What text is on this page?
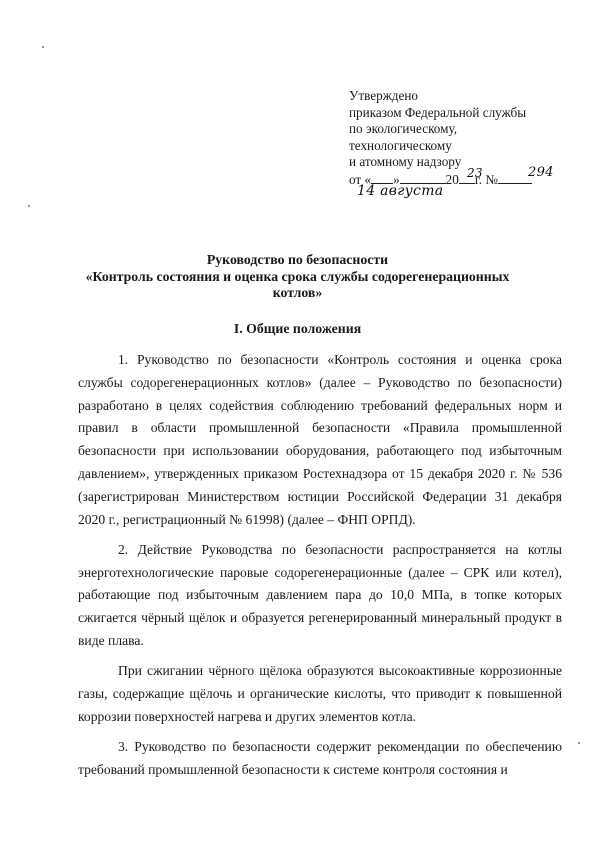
Утверждено
приказом Федеральной службы
по экологическому,
технологическому
и атомному надзору
от « »	20 г. №
23	294
14 августа
Руководство по безопасности
«Контроль состояния и оценка срока службы содорегенерационных
котлов»
I. Общие положения

1. Руководство по безопасности «Контроль состояния и оценка срока службы содорегенерационных котлов» (далее – Руководство по безопасности) разработано в целях содействия соблюдению требований федеральных норм и правил в области промышленной безопасности «Правила промышленной безопасности при использовании оборудования, работающего под избыточным давлением», утвержденных приказом Ростехнадзора от 15 декабря 2020 г. № 536 (зарегистрирован Министерством юстиции Российской Федерации 31 декабря 2020 г., регистрационный № 61998) (далее – ФНП ОРПД).

2. Действие Руководства по безопасности распространяется на котлы энерготехнологические паровые содорегенерационные (далее – СРК или котел), работающие под избыточным давлением пара до 10,0 МПа, в топке которых сжигается чёрный щёлок и образуется регенерированный минеральный продукт в виде плава.

При сжигании чёрного щёлока образуются высокоактивные коррозионные газы, содержащие щёлочь и органические кислоты, что приводит к повышенной коррозии поверхностей нагрева и других элементов котла.

3. Руководство по безопасности содержит рекомендации по обеспечению требований промышленной безопасности к системе контроля состояния и
